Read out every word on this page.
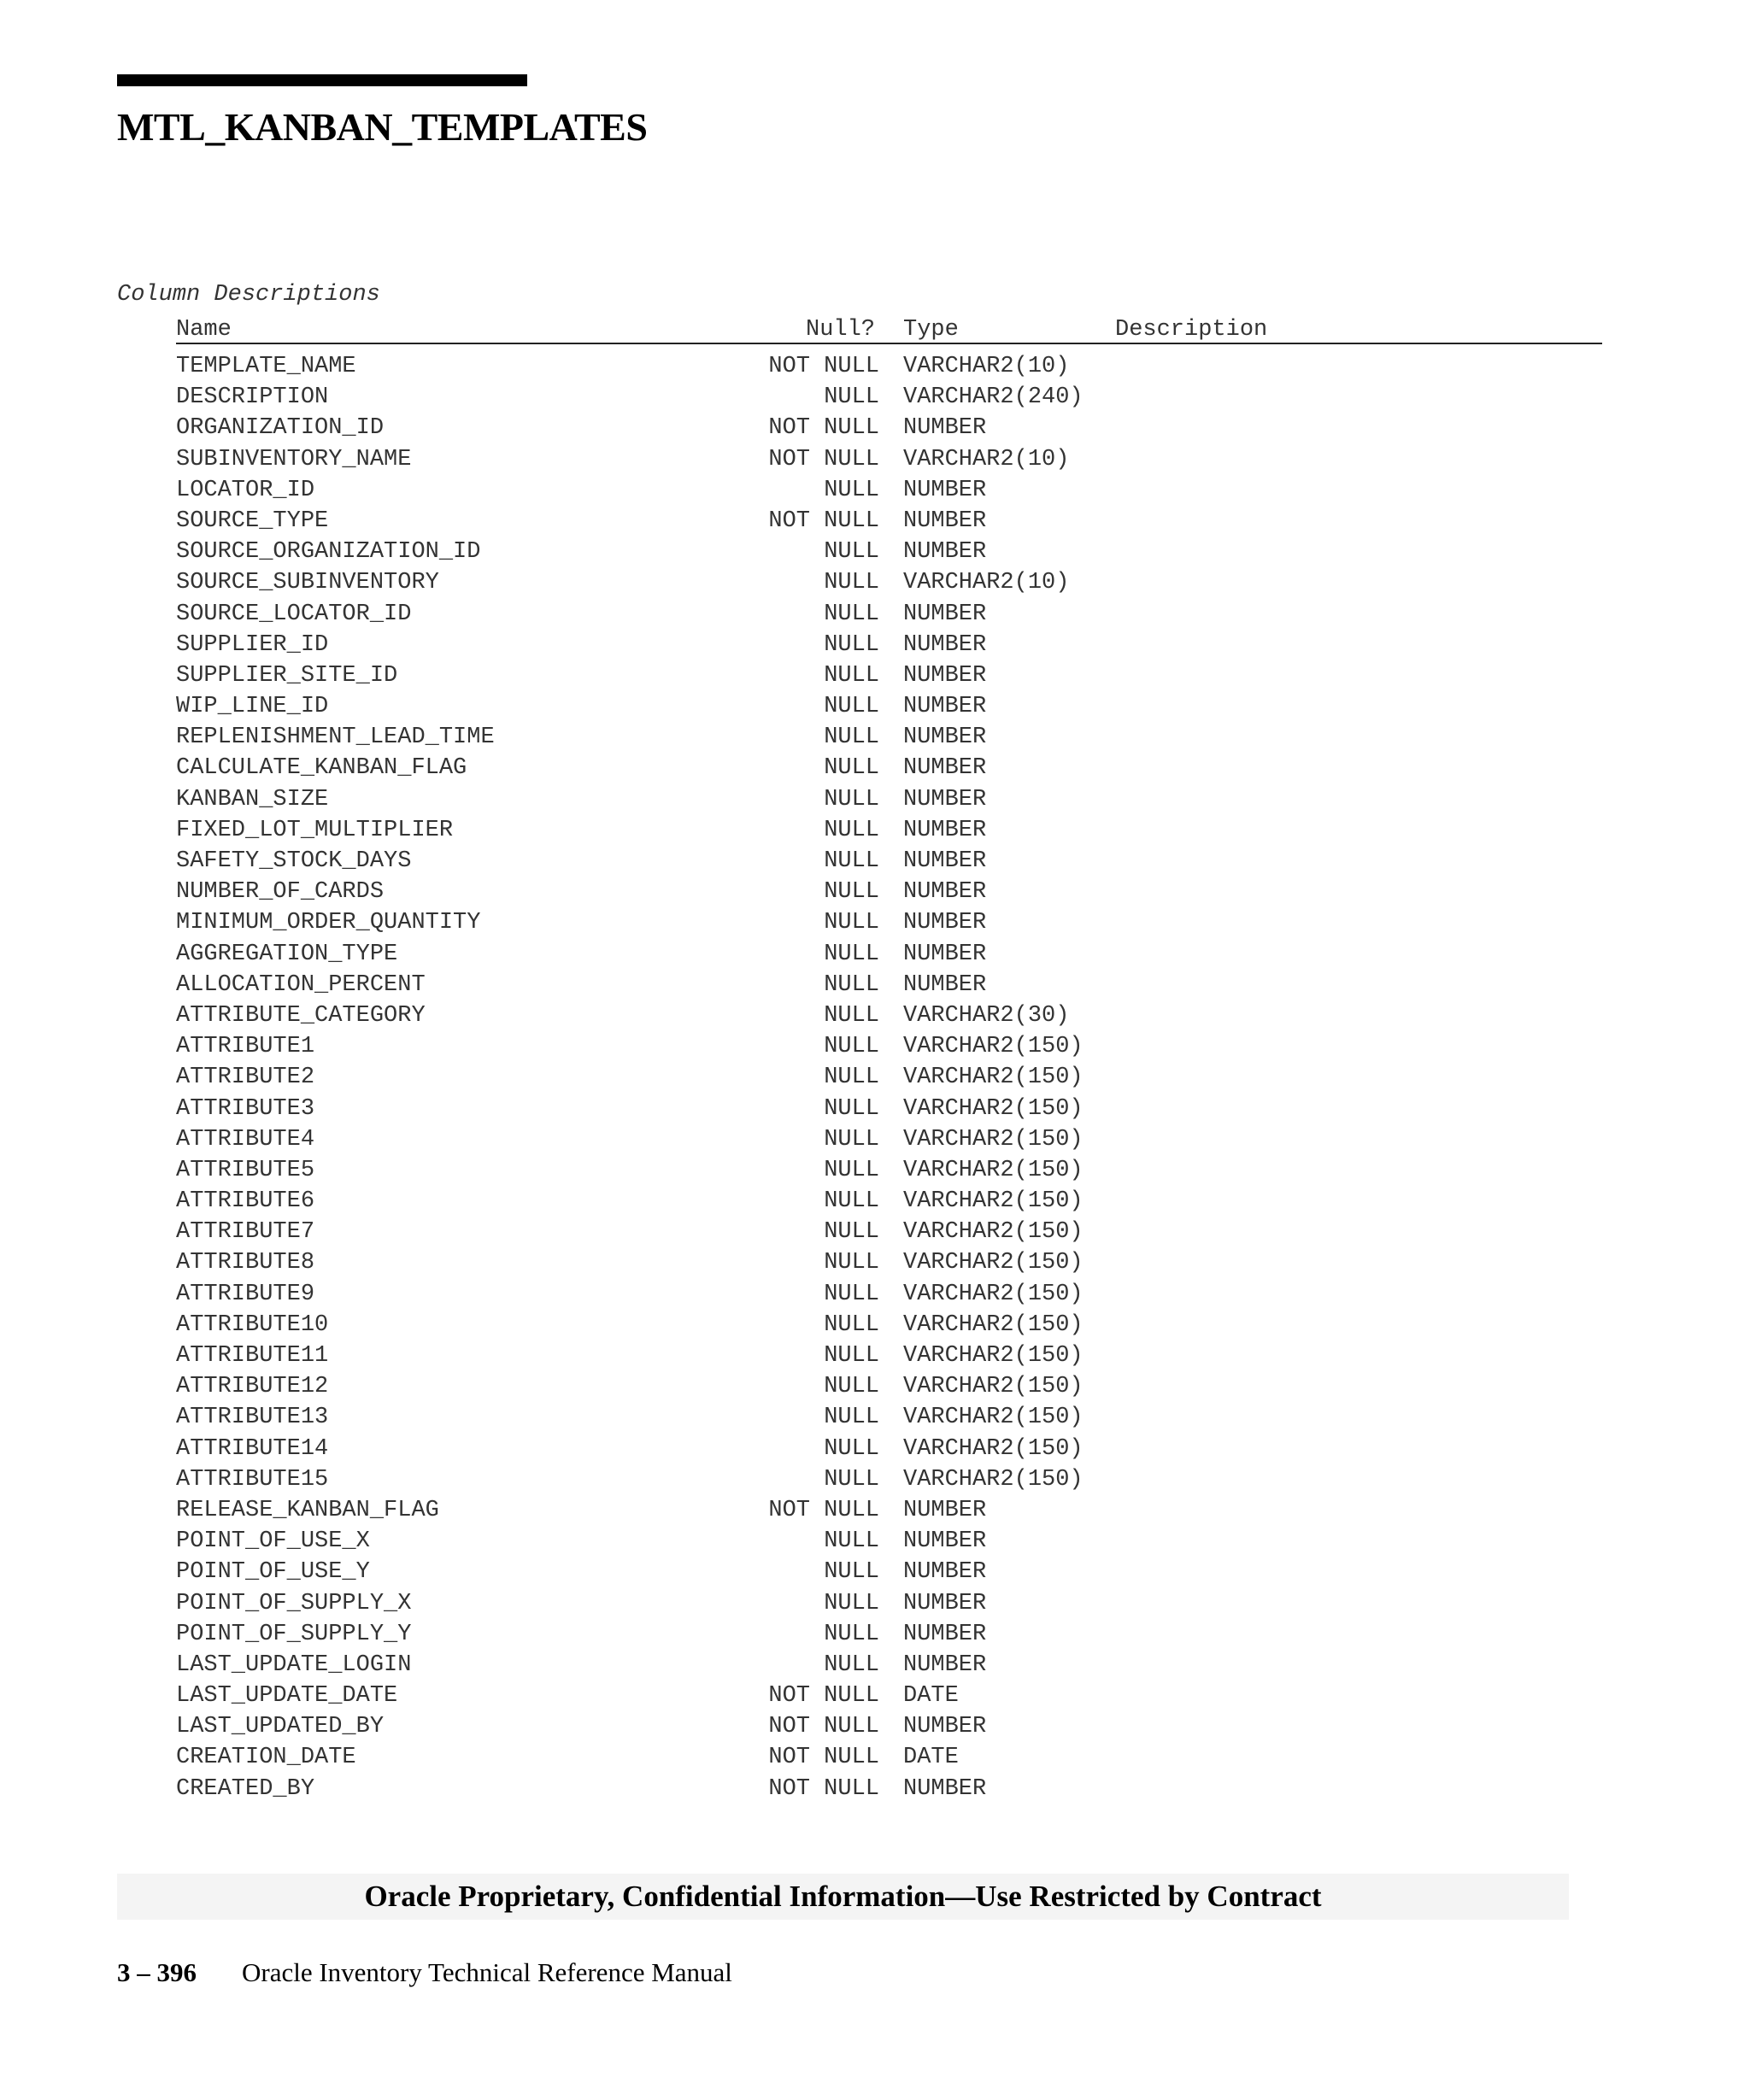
MTL_KANBAN_TEMPLATES
Column Descriptions
Name	Null? Type	Description
TEMPLATE_NAME	NOT NULL VARCHAR2(10)
DESCRIPTION	NULL VARCHAR2(240)
ORGANIZATION_ID	NOT NULL NUMBER
SUBINVENTORY_NAME	NOT NULL VARCHAR2(10)
LOCATOR_ID	NULL NUMBER
SOURCE_TYPE	NOT NULL NUMBER
SOURCE_ORGANIZATION_ID	NULL NUMBER
SOURCE_SUBINVENTORY	NULL VARCHAR2(10)
SOURCE_LOCATOR_ID	NULL NUMBER
SUPPLIER_ID	NULL NUMBER
SUPPLIER_SITE_ID	NULL NUMBER
WIP_LINE_ID	NULL NUMBER
REPLENISHMENT_LEAD_TIME	NULL NUMBER
CALCULATE_KANBAN_FLAG	NULL NUMBER
KANBAN_SIZE	NULL NUMBER
FIXED_LOT_MULTIPLIER	NULL NUMBER
SAFETY_STOCK_DAYS	NULL NUMBER
NUMBER_OF_CARDS	NULL NUMBER
MINIMUM_ORDER_QUANTITY	NULL NUMBER
AGGREGATION_TYPE	NULL NUMBER
ALLOCATION_PERCENT	NULL NUMBER
ATTRIBUTE_CATEGORY	NULL VARCHAR2(30)
ATTRIBUTE1	NULL VARCHAR2(150)
ATTRIBUTE2	NULL VARCHAR2(150)
ATTRIBUTE3	NULL VARCHAR2(150)
ATTRIBUTE4	NULL VARCHAR2(150)
ATTRIBUTE5	NULL VARCHAR2(150)
ATTRIBUTE6	NULL VARCHAR2(150)
ATTRIBUTE7	NULL VARCHAR2(150)
ATTRIBUTE8	NULL VARCHAR2(150)
ATTRIBUTE9	NULL VARCHAR2(150)
ATTRIBUTE10	NULL VARCHAR2(150)
ATTRIBUTE11	NULL VARCHAR2(150)
ATTRIBUTE12	NULL VARCHAR2(150)
ATTRIBUTE13	NULL VARCHAR2(150)
ATTRIBUTE14	NULL VARCHAR2(150)
ATTRIBUTE15	NULL VARCHAR2(150)
RELEASE_KANBAN_FLAG	NOT NULL NUMBER
POINT_OF_USE_X	NULL NUMBER
POINT_OF_USE_Y	NULL NUMBER
POINT_OF_SUPPLY_X	NULL NUMBER
POINT_OF_SUPPLY_Y	NULL NUMBER
LAST_UPDATE_LOGIN	NULL NUMBER
LAST_UPDATE_DATE	NOT NULL DATE
LAST_UPDATED_BY	NOT NULL NUMBER
CREATION_DATE	NOT NULL DATE
CREATED_BY	NOT NULL NUMBER
Oracle Proprietary, Confidential Information––Use Restricted by Contract
3 – 396 Oracle Inventory Technical Reference Manual
